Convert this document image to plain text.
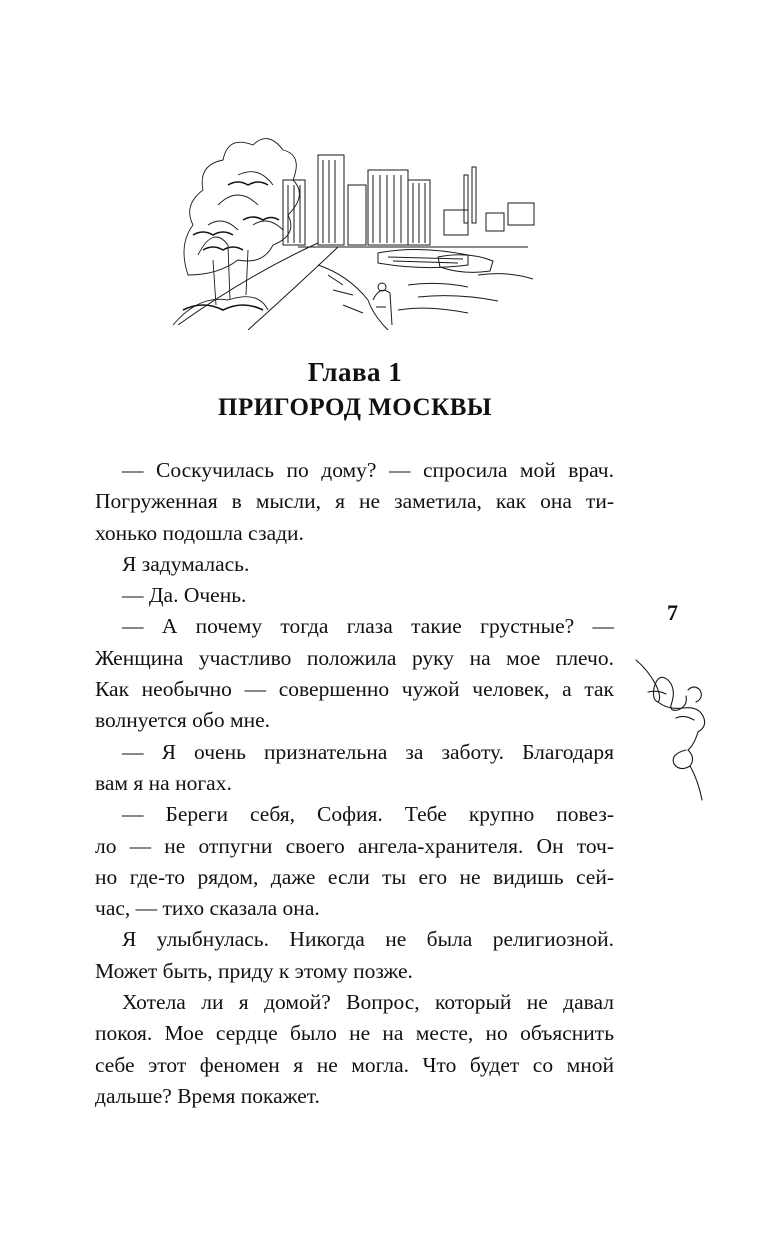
Глава 1
ПРИГОРОД МОСКВЫ
— Соскучилась по дому? — спросила мой врач.
Погруженная в мысли, я не заметила, как она ти-
хонько подошла сзади.
Я задумалась.
— Да. Очень.
— А почему тогда глаза такие грустные? —
Женщина участливо положила руку на мое плечо.
Как необычно — совершенно чужой человек, а так
волнуется обо мне.
— Я очень признательна за заботу. Благодаря
вам я на ногах.
— Береги себя, София. Тебе крупно повез-
ло — не отпугни своего ангела-хранителя. Он точ-
но где-то рядом, даже если ты его не видишь сей-
час, — тихо сказала она.
Я улыбнулась. Никогда не была религиозной.
Может быть, приду к этому позже.
Хотела ли я домой? Вопрос, который не давал
покоя. Мое сердце было не на месте, но объяснить
себе этот феномен я не могла. Что будет со мной
дальше? Время покажет.
7
